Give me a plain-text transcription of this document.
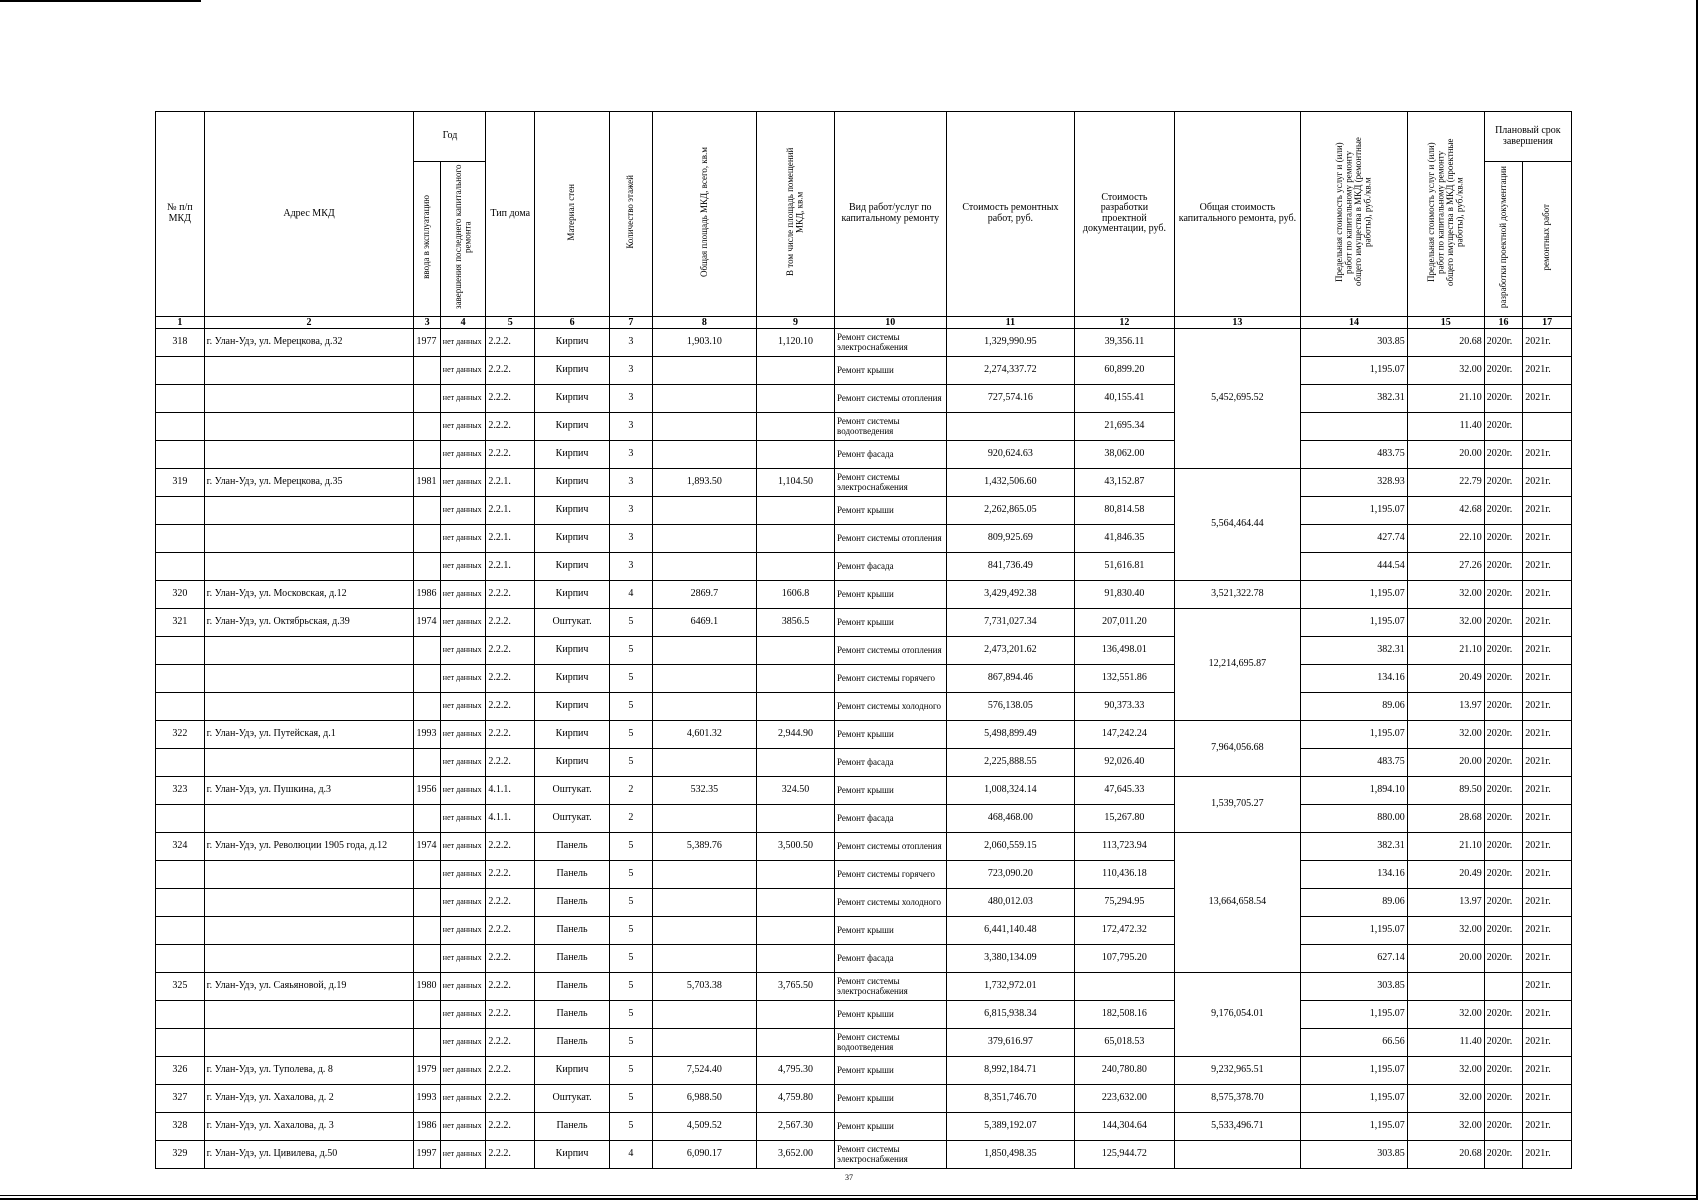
№ п/п МКД	Адрес МКД	Год		Тип дома	Материал стен	Количество этажей	Общая площадь МКД, всего, кв.м	В том числе площадь помещений МКД, кв.м	Вид работ/услуг по капитальному ремонту	Стоимость ремонтных работ, руб.	Стоимость разработки проектной документации, руб.	Общая стоимость капитального ремонта, руб.	Предельная стоимость услуг и (или) работ по капитальному ремонту общего имущества в МКД (ремонтные работы), руб./кв.м	Предельная стоимость услуг и (или) работ по капитальному ремонту общего имущества в МКД (проектные работы), руб./кв.м	Плановый срок завершения	
		ввода в эксплуатацию	завершения последнего капитального ремонта												разработки проектной документации	ремонтных работ
1	2	3	4	5	6	7	8	9	10	11	12	13	14	15	16	17
318	г. Улан-Удэ, ул. Мерецкова, д.32	1977	нет данных	2.2.2.	Кирпич	3	1,903.10	1,120.10	Ремонт системы электроснабжения	1,329,990.95	39,356.11	5,452,695.52	303.85	20.68	2020г.	2021г.
			нет данных	2.2.2.	Кирпич	3			Ремонт крыши	2,274,337.72	60,899.20		1,195.07	32.00	2020г.	2021г.
			нет данных	2.2.2.	Кирпич	3			Ремонт системы отопления	727,574.16	40,155.41		382.31	21.10	2020г.	2021г.
			нет данных	2.2.2.	Кирпич	3			Ремонт системы водоотведения		21,695.34			11.40	2020г.	
			нет данных	2.2.2.	Кирпич	3			Ремонт фасада	920,624.63	38,062.00		483.75	20.00	2020г.	2021г.
319	г. Улан-Удэ, ул. Мерецкова, д.35	1981	нет данных	2.2.1.	Кирпич	3	1,893.50	1,104.50	Ремонт системы электроснабжения	1,432,506.60	43,152.87	5,564,464.44	328.93	22.79	2020г.	2021г.
			нет данных	2.2.1.	Кирпич	3			Ремонт крыши	2,262,865.05	80,814.58		1,195.07	42.68	2020г.	2021г.
			нет данных	2.2.1.	Кирпич	3			Ремонт системы отопления	809,925.69	41,846.35		427.74	22.10	2020г.	2021г.
			нет данных	2.2.1.	Кирпич	3			Ремонт фасада	841,736.49	51,616.81		444.54	27.26	2020г.	2021г.
320	г. Улан-Удэ, ул. Московская, д.12	1986	нет данных	2.2.2.	Кирпич	4	2869.7	1606.8	Ремонт крыши	3,429,492.38	91,830.40	3,521,322.78	1,195.07	32.00	2020г.	2021г.
321	г. Улан-Удэ, ул. Октябрьская, д.39	1974	нет данных	2.2.2.	Оштукат.	5	6469.1	3856.5	Ремонт крыши	7,731,027.34	207,011.20	12,214,695.87	1,195.07	32.00	2020г.	2021г.
			нет данных	2.2.2.	Кирпич	5			Ремонт системы отопления	2,473,201.62	136,498.01		382.31	21.10	2020г.	2021г.
			нет данных	2.2.2.	Кирпич	5			Ремонт системы горячего	867,894.46	132,551.86		134.16	20.49	2020г.	2021г.
			нет данных	2.2.2.	Кирпич	5			Ремонт системы холодного	576,138.05	90,373.33		89.06	13.97	2020г.	2021г.
322	г. Улан-Удэ, ул. Путейская, д.1	1993	нет данных	2.2.2.	Кирпич	5	4,601.32	2,944.90	Ремонт крыши	5,498,899.49	147,242.24	7,964,056.68	1,195.07	32.00	2020г.	2021г.
			нет данных	2.2.2.	Кирпич	5			Ремонт фасада	2,225,888.55	92,026.40		483.75	20.00	2020г.	2021г.
323	г. Улан-Удэ, ул. Пушкина, д.3	1956	нет данных	4.1.1.	Оштукат.	2	532.35	324.50	Ремонт крыши	1,008,324.14	47,645.33	1,539,705.27	1,894.10	89.50	2020г.	2021г.
			нет данных	4.1.1.	Оштукат.	2			Ремонт фасада	468,468.00	15,267.80		880.00	28.68	2020г.	2021г.
324	г. Улан-Удэ, ул. Революции 1905 года, д.12	1974	нет данных	2.2.2.	Панель	5	5,389.76	3,500.50	Ремонт системы отопления	2,060,559.15	113,723.94	13,664,658.54	382.31	21.10	2020г.	2021г.
			нет данных	2.2.2.	Панель	5			Ремонт системы горячего	723,090.20	110,436.18		134.16	20.49	2020г.	2021г.
			нет данных	2.2.2.	Панель	5			Ремонт системы холодного	480,012.03	75,294.95		89.06	13.97	2020г.	2021г.
			нет данных	2.2.2.	Панель	5			Ремонт крыши	6,441,140.48	172,472.32		1,195.07	32.00	2020г.	2021г.
			нет данных	2.2.2.	Панель	5			Ремонт фасада	3,380,134.09	107,795.20		627.14	20.00	2020г.	2021г.
325	г. Улан-Удэ, ул. Саяьяновой, д.19	1980	нет данных	2.2.2.	Панель	5	5,703.38	3,765.50	Ремонт системы электроснабжения	1,732,972.01		9,176,054.01	303.85			2021г.
			нет данных	2.2.2.	Панель	5			Ремонт крыши	6,815,938.34	182,508.16		1,195.07	32.00	2020г.	2021г.
			нет данных	2.2.2.	Панель	5			Ремонт системы водоотведения	379,616.97	65,018.53		66.56	11.40	2020г.	2021г.
326	г. Улан-Удэ, ул. Туполева, д. 8	1979	нет данных	2.2.2.	Кирпич	5	7,524.40	4,795.30	Ремонт крыши	8,992,184.71	240,780.80	9,232,965.51	1,195.07	32.00	2020г.	2021г.
327	г. Улан-Удэ, ул. Хахалова, д. 2	1993	нет данных	2.2.2.	Оштукат.	5	6,988.50	4,759.80	Ремонт крыши	8,351,746.70	223,632.00	8,575,378.70	1,195.07	32.00	2020г.	2021г.
328	г. Улан-Удэ, ул. Хахалова, д. 3	1986	нет данных	2.2.2.	Панель	5	4,509.52	2,567.30	Ремонт крыши	5,389,192.07	144,304.64	5,533,496.71	1,195.07	32.00	2020г.	2021г.
329	г. Улан-Удэ, ул. Цивилева, д.50	1997	нет данных	2.2.2.	Кирпич	4	6,090.17	3,652.00	Ремонт системы электроснабжения	1,850,498.35	125,944.72		303.85	20.68	2020г.	2021г.
37
